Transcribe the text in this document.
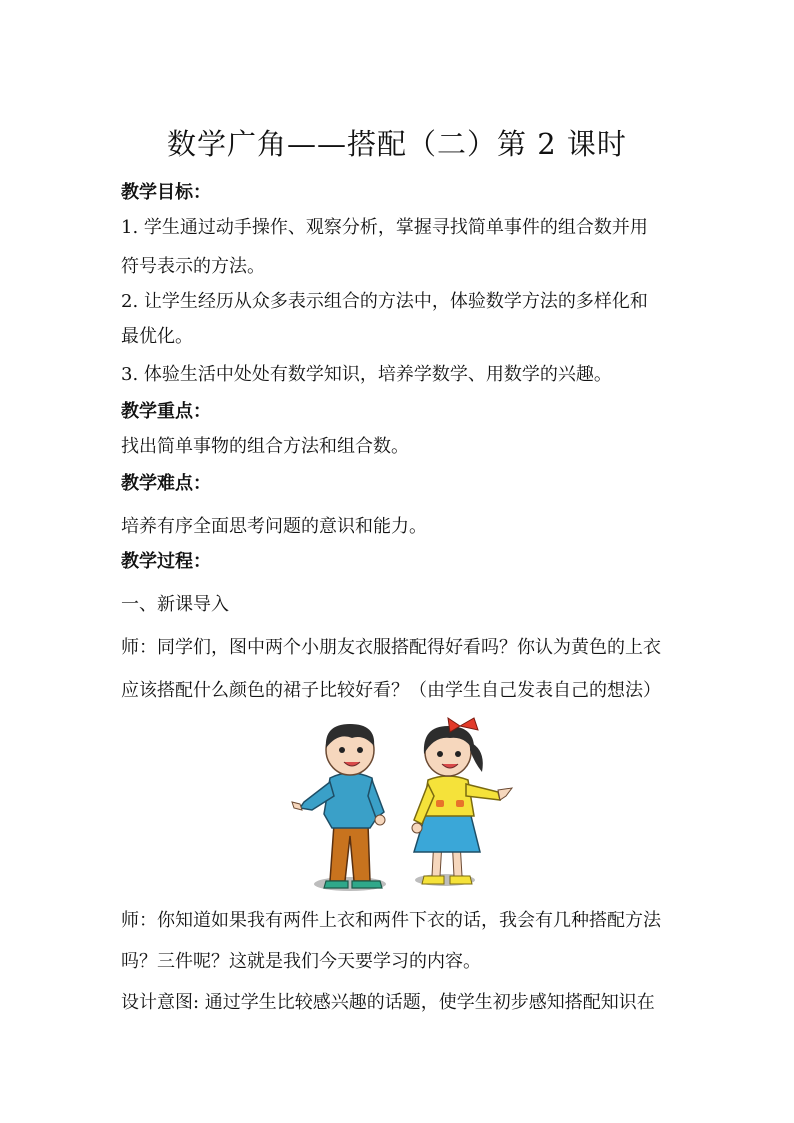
数学广角——搭配（二）第 2 课时
教学目标：
1. 学生通过动手操作、观察分析，掌握寻找简单事件的组合数并用
符号表示的方法。
2. 让学生经历从众多表示组合的方法中，体验数学方法的多样化和
最优化。
3. 体验生活中处处有数学知识，培养学数学、用数学的兴趣。
教学重点：
找出简单事物的组合方法和组合数。
教学难点：
培养有序全面思考问题的意识和能力。
教学过程：
一、新课导入
师：同学们，图中两个小朋友衣服搭配得好看吗？你认为黄色的上衣
应该搭配什么颜色的裙子比较好看？（由学生自己发表自己的想法）
师：你知道如果我有两件上衣和两件下衣的话，我会有几种搭配方法
吗？三件呢？这就是我们今天要学习的内容。
设计意图: 通过学生比较感兴趣的话题，使学生初步感知搭配知识在
